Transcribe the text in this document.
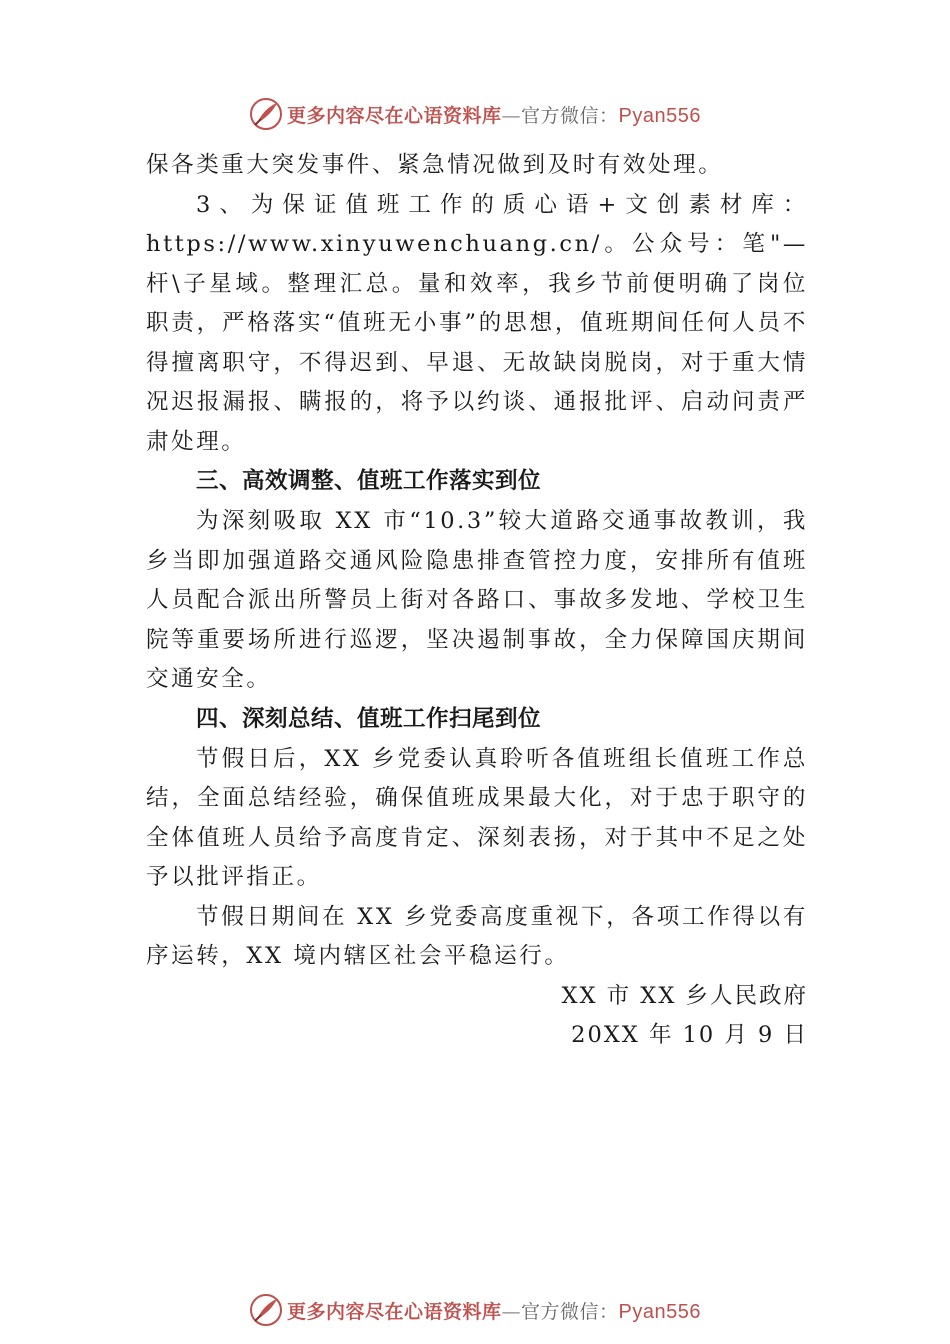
更多内容尽在心语资料库—官方微信：Pyan556

保各类重大突发事件、紧急情况做到及时有效处理。

3、为保证值班工作的质心语+文创素材库：https://www.xinyuwenchuang.cn/。公众号：笔"—杆\子星域。整理汇总。量和效率，我乡节前便明确了岗位职责，严格落实“值班无小事”的思想，值班期间任何人员不得擅离职守，不得迟到、早退、无故缺岗脱岗，对于重大情况迟报漏报、瞒报的，将予以约谈、通报批评、启动问责严肃处理。

三、高效调整、值班工作落实到位

为深刻吸取 XX 市“10.3”较大道路交通事故教训，我乡当即加强道路交通风险隐患排查管控力度，安排所有值班人员配合派出所警员上街对各路口、事故多发地、学校卫生院等重要场所进行巡逻，坚决遏制事故，全力保障国庆期间交通安全。

四、深刻总结、值班工作扫尾到位

节假日后，XX 乡党委认真聆听各值班组长值班工作总结，全面总结经验，确保值班成果最大化，对于忠于职守的全体值班人员给予高度肯定、深刻表扬，对于其中不足之处予以批评指正。

节假日期间在 XX 乡党委高度重视下，各项工作得以有序运转，XX 境内辖区社会平稳运行。

XX 市 XX 乡人民政府

20XX 年 10 月 9 日

更多内容尽在心语资料库—官方微信：Pyan556
